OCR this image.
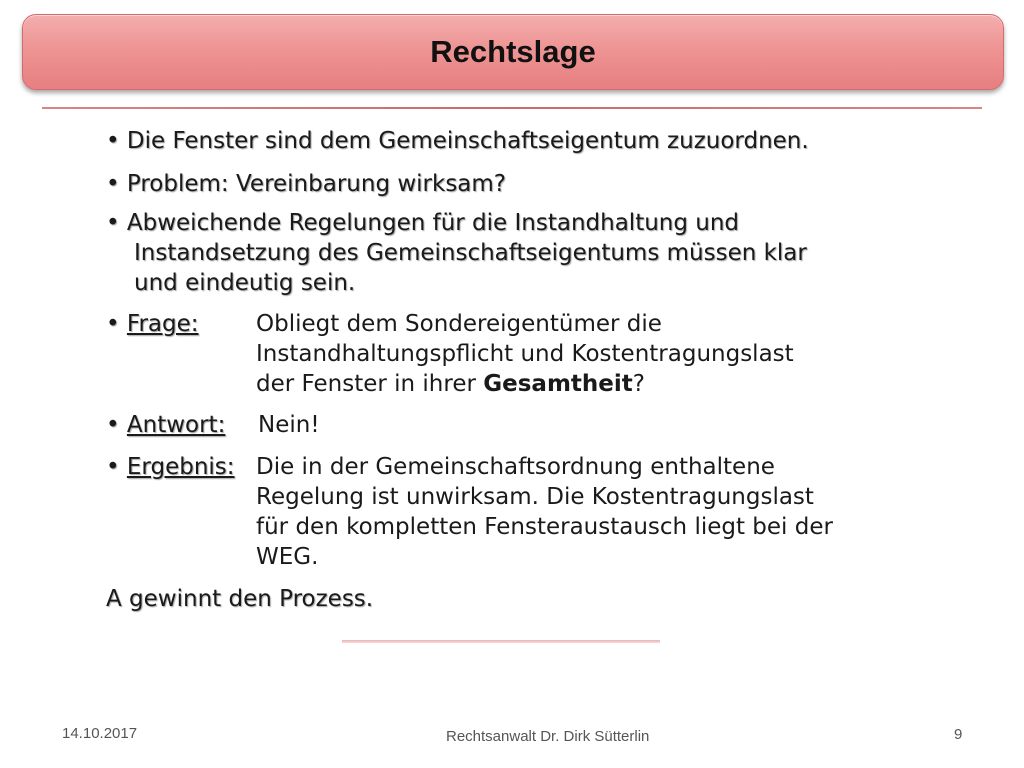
Rechtslage
• Die Fenster sind dem Gemeinschaftseigentum zuzuordnen.
• Problem: Vereinbarung wirksam?
• Abweichende Regelungen für die Instandhaltung und
Instandsetzung des Gemeinschaftseigentums müssen klar
und eindeutig sein.
• Frage:	Obliegt dem Sondereigentümer die
Instandhaltungspflicht und Kostentragungslast
der Fenster in ihrer Gesamtheit?
• Antwort: Nein!
• Ergebnis: Die in der Gemeinschaftsordnung enthaltene
Regelung ist unwirksam. Die Kostentragungslast
für den kompletten Fensteraustausch liegt bei der
WEG.
A gewinnt den Prozess.
14.10.2017	Rechtsanwalt Dr. Dirk Sütterlin	9
